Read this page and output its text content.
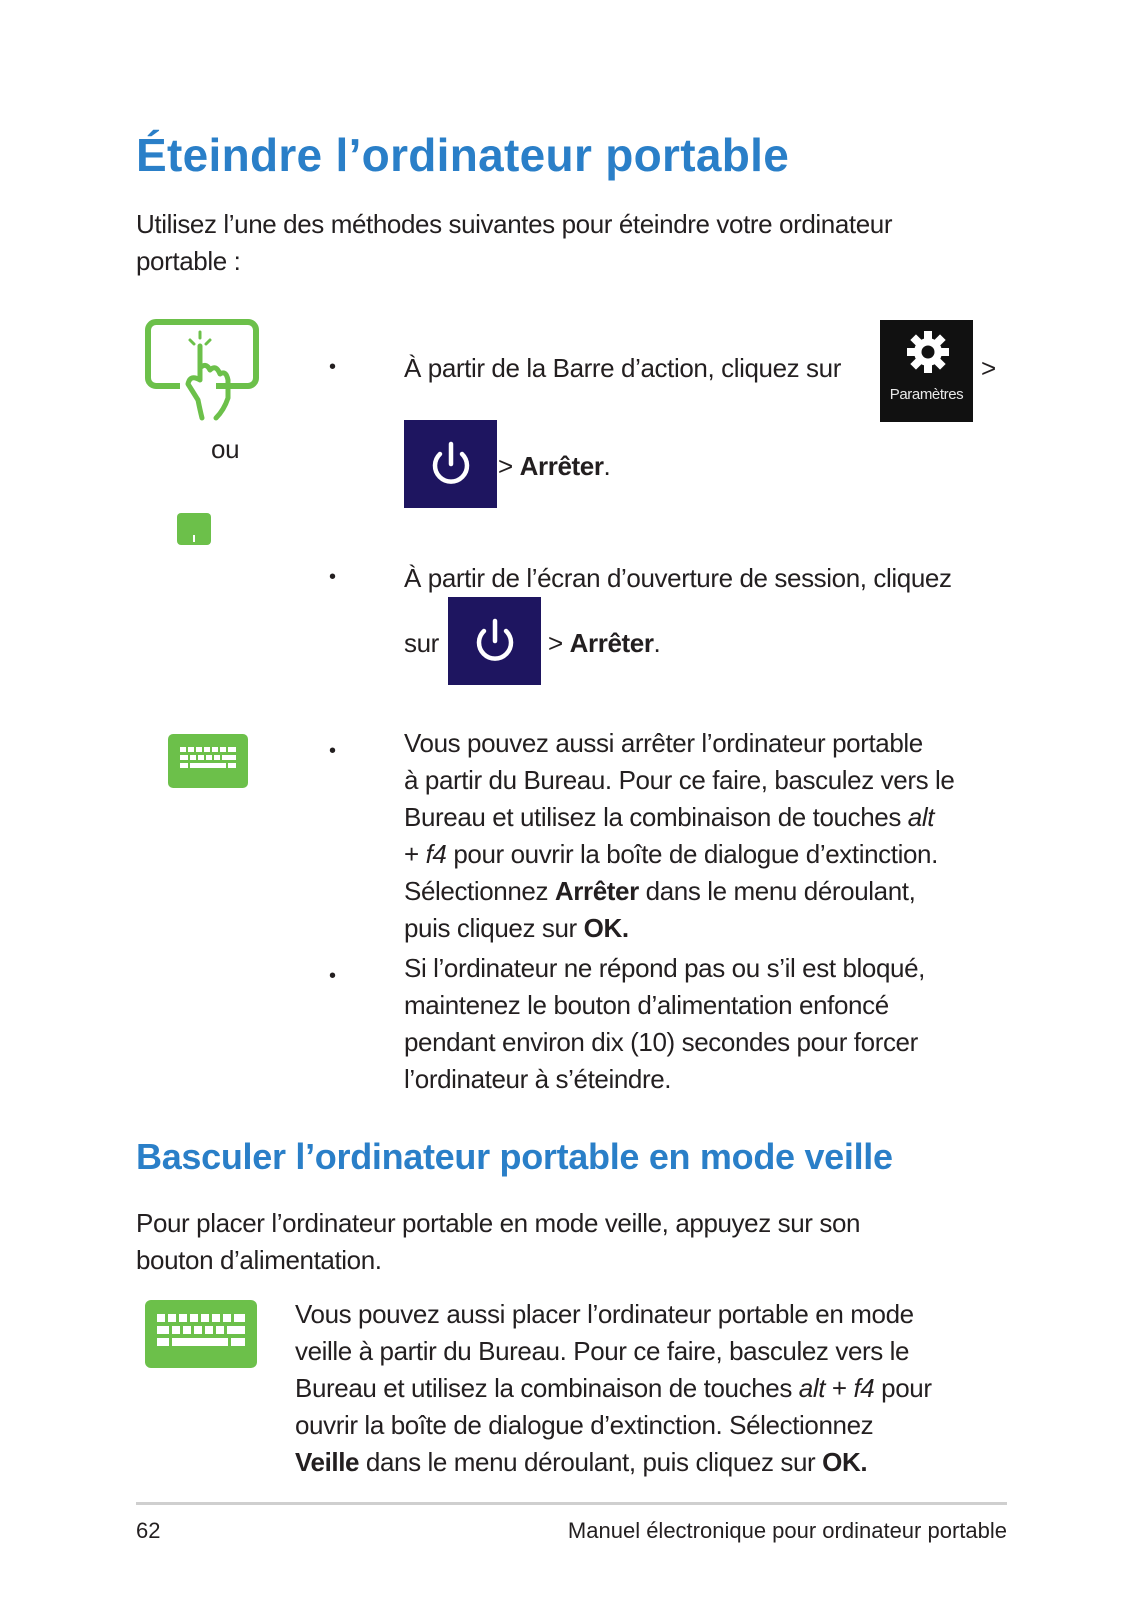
Éteindre l’ordinateur portable
Utilisez l’une des méthodes suivantes pour éteindre votre ordinateur
portable :
ou
•	À partir de la Barre d’action, cliquez sur
Paramètres
>
> Arrêter.
•	À partir de l’écran d’ouverture de session, cliquez
sur	> Arrêter.
•	Vous pouvez aussi arrêter l’ordinateur portable
à partir du Bureau. Pour ce faire, basculez vers le
Bureau et utilisez la combinaison de touches alt
+ f4 pour ouvrir la boîte de dialogue d’extinction.
Sélectionnez Arrêter dans le menu déroulant,
puis cliquez sur OK.
•	Si l’ordinateur ne répond pas ou s’il est bloqué,
maintenez le bouton d’alimentation enfoncé
pendant environ dix (10) secondes pour forcer
l’ordinateur à s’éteindre.
Basculer l’ordinateur portable en mode veille
Pour placer l’ordinateur portable en mode veille, appuyez sur son
bouton d’alimentation.
Vous pouvez aussi placer l’ordinateur portable en mode
veille à partir du Bureau. Pour ce faire, basculez vers le
Bureau et utilisez la combinaison de touches alt + f4 pour
ouvrir la boîte de dialogue d’extinction. Sélectionnez
Veille dans le menu déroulant, puis cliquez sur OK.
62	Manuel électronique pour ordinateur portable
